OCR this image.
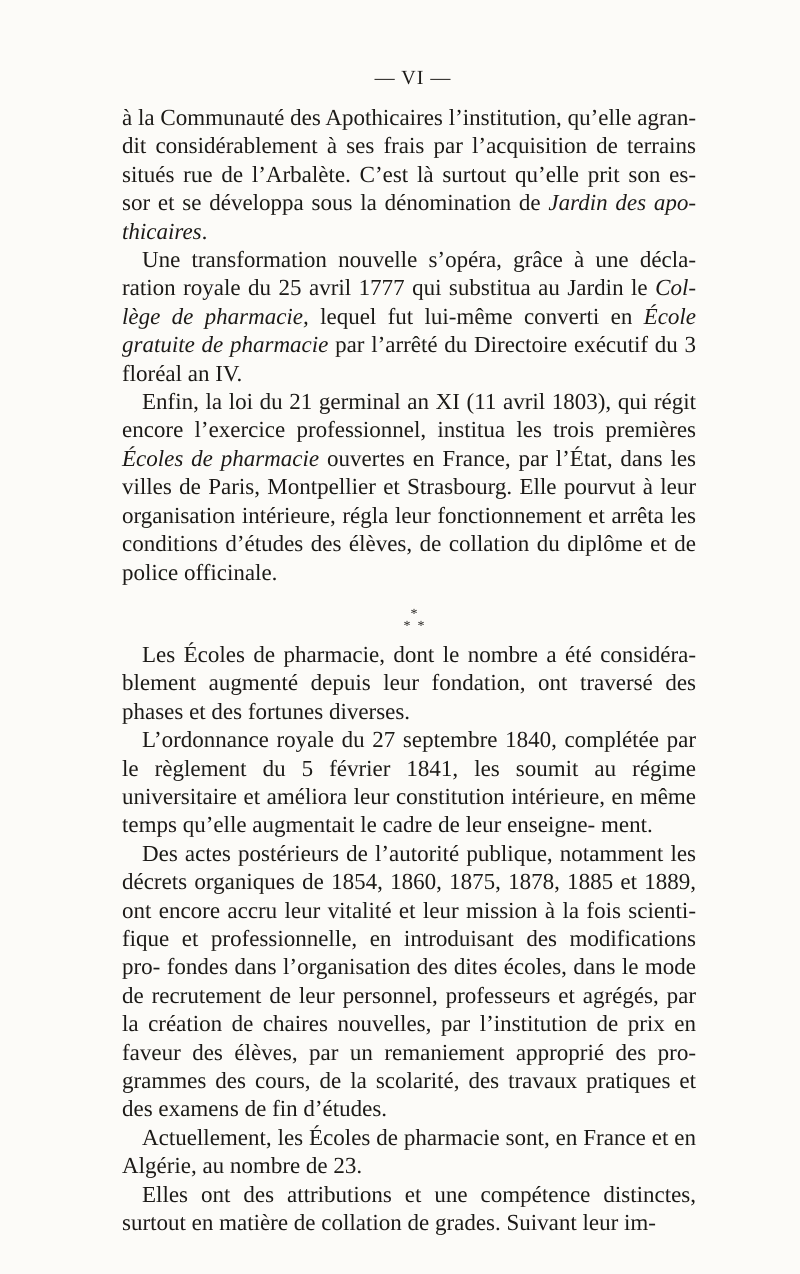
— VI —

à la Communauté des Apothicaires l’institution, qu’elle agran- dit considérablement à ses frais par l’acquisition de terrains situés rue de l’Arbalète. C’est là surtout qu’elle prit son es- sor et se développa sous la dénomination de Jardin des apo- thicaires.

Une transformation nouvelle s’opéra, grâce à une décla- ration royale du 25 avril 1777 qui substitua au Jardin le Col- lège de pharmacie, lequel fut lui-même converti en École gratuite de pharmacie par l’arrêté du Directoire exécutif du 3 floréal an IV.

Enfin, la loi du 21 germinal an XI (11 avril 1803), qui régit encore l’exercice professionnel, institua les trois premières Écoles de pharmacie ouvertes en France, par l’État, dans les villes de Paris, Montpellier et Strasbourg. Elle pourvut à leur organisation intérieure, régla leur fonctionnement et arrêta les conditions d’études des élèves, de collation du diplôme et de police officinale.

*
*  *

Les Écoles de pharmacie, dont le nombre a été considéra- blement augmenté depuis leur fondation, ont traversé des phases et des fortunes diverses.

L’ordonnance royale du 27 septembre 1840, complétée par le règlement du 5 février 1841, les soumit au régime universitaire et améliora leur constitution intérieure, en même temps qu’elle augmentait le cadre de leur enseigne- ment.

Des actes postérieurs de l’autorité publique, notamment les décrets organiques de 1854, 1860, 1875, 1878, 1885 et 1889, ont encore accru leur vitalité et leur mission à la fois scienti- fique et professionnelle, en introduisant des modifications pro- fondes dans l’organisation des dites écoles, dans le mode de recrutement de leur personnel, professeurs et agrégés, par la création de chaires nouvelles, par l’institution de prix en faveur des élèves, par un remaniement approprié des pro- grammes des cours, de la scolarité, des travaux pratiques et des examens de fin d’études.

Actuellement, les Écoles de pharmacie sont, en France et en Algérie, au nombre de 23.

Elles ont des attributions et une compétence distinctes, surtout en matière de collation de grades. Suivant leur im-
